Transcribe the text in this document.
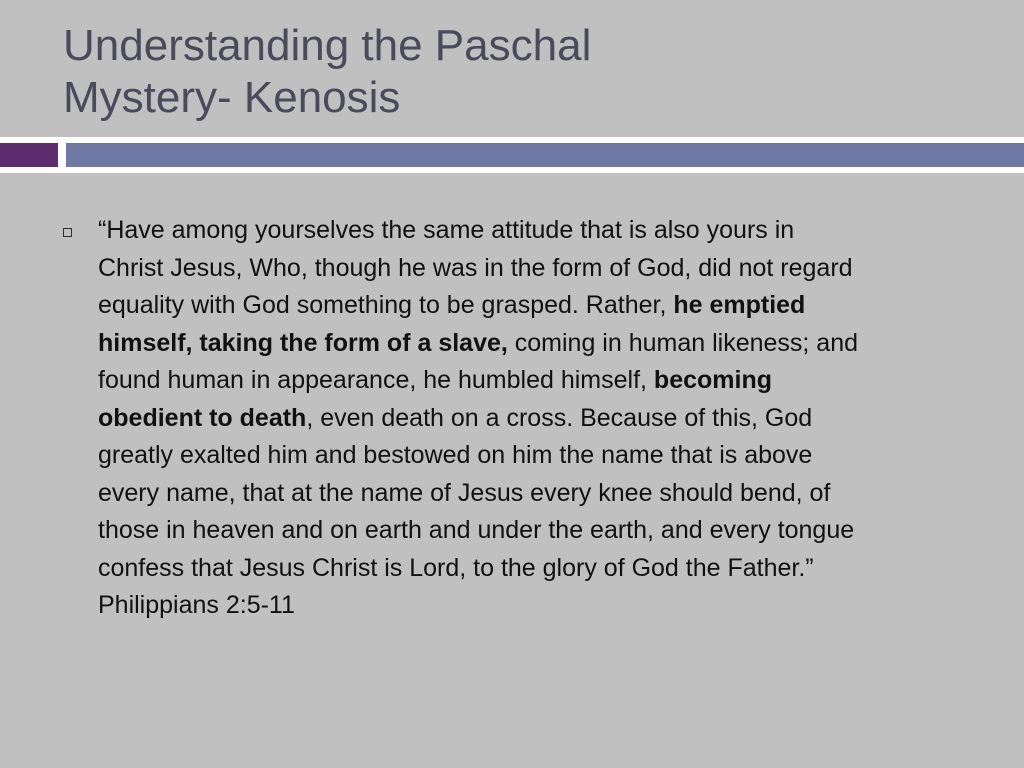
Understanding the Paschal
Mystery- Kenosis

“Have among yourselves the same attitude that is also yours in Christ Jesus, Who, though he was in the form of God, did not regard equality with God something to be grasped. Rather, he emptied himself, taking the form of a slave, coming in human likeness; and found human in appearance, he humbled himself, becoming obedient to death, even death on a cross. Because of this, God greatly exalted him and bestowed on him the name that is above every name, that at the name of Jesus every knee should bend, of those in heaven and on earth and under the earth, and every tongue confess that Jesus Christ is Lord, to the glory of God the Father.” Philippians 2:5-11
